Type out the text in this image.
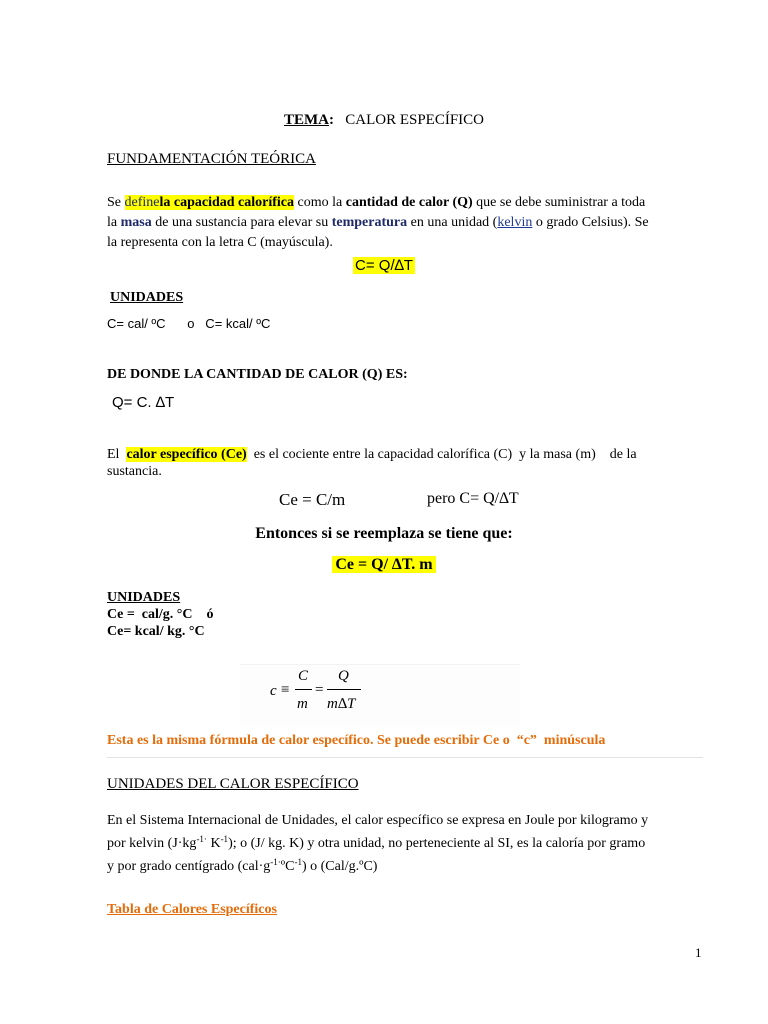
TEMA: CALOR ESPECÍFICO
FUNDAMENTACIÓN TEÓRICA
Se definela capacidad calorífica como la cantidad de calor (Q) que se debe suministrar a toda
la masa de una sustancia para elevar su temperatura en una unidad (kelvin o grado Celsius). Se
la representa con la letra C (mayúscula).
C= Q/∆T
UNIDADES
C= cal/ ºC      o   C= kcal/ ºC
DE DONDE LA CANTIDAD DE CALOR (Q) ES:
Q= C. ∆T
El  calor específico (Ce)  es el cociente entre la capacidad calorífica (C)  y la masa (m)    de la
sustancia.
Ce = C/m	pero C= Q/∆T
Entonces si se reemplaza se tiene que:
Ce = Q/ ∆T. m
UNIDADES
Ce =  cal/g. °C    ó
Ce= kcal/ kg. °C
c ≡
C
m
=
Q
m∆T
Esta es la misma fórmula de calor específico. Se puede escribir Ce o  “c”  minúscula
UNIDADES DEL CALOR ESPECÍFICO
En el Sistema Internacional de Unidades, el calor específico se expresa en Joule por kilogramo y
por kelvin ($J\cdot kg^{-1\cdot}$ $K^{-1}$); o (J/ kg. K) y otra unidad, no perteneciente al SI, es la caloría por gramo
y por grado centígrado $(cal\cdot g^{-1\cdot}ºC^{-1})$ o (Cal/g.ºC)
Tabla de Calores Específicos
1
